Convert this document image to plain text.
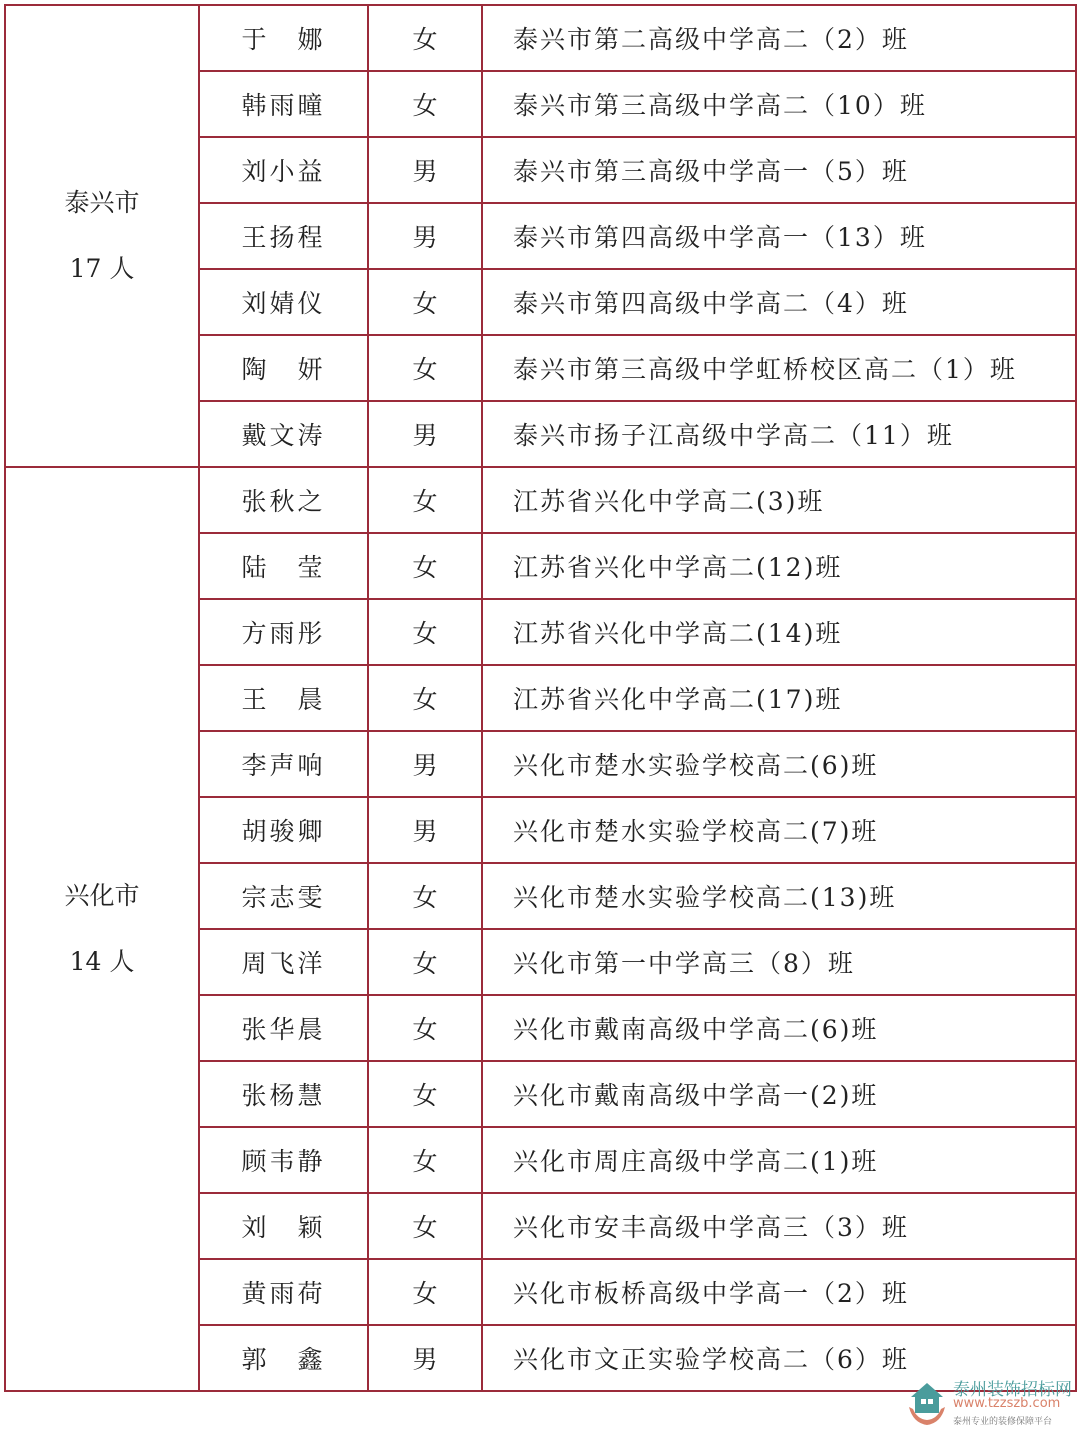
泰兴市
17 人	于　娜	女	泰兴市第二高级中学高二（2）班
	韩雨曈	女	泰兴市第三高级中学高二（10）班
	刘小益	男	泰兴市第三高级中学高一（5）班
	王扬程	男	泰兴市第四高级中学高一（13）班
	刘婧仪	女	泰兴市第四高级中学高二（4）班
	陶　妍	女	泰兴市第三高级中学虹桥校区高二（1）班
	戴文涛	男	泰兴市扬子江高级中学高二（11）班

兴化市
14 人	张秋之	女	江苏省兴化中学高二(3)班
	陆　莹	女	江苏省兴化中学高二(12)班
	方雨彤	女	江苏省兴化中学高二(14)班
	王　晨	女	江苏省兴化中学高二(17)班
	李声响	男	兴化市楚水实验学校高二(6)班
	胡骏卿	男	兴化市楚水实验学校高二(7)班
	宗志雯	女	兴化市楚水实验学校高二(13)班
	周飞洋	女	兴化市第一中学高三（8）班
	张华晨	女	兴化市戴南高级中学高二(6)班
	张杨慧	女	兴化市戴南高级中学高一(2)班
	顾韦静	女	兴化市周庄高级中学高二(1)班
	刘　颖	女	兴化市安丰高级中学高三（3）班
	黄雨荷	女	兴化市板桥高级中学高一（2）班
	郭　鑫	男	兴化市文正实验学校高二（6）班
泰州装饰招标网
www.tzzszb.com
泰州专业的装修保障平台
